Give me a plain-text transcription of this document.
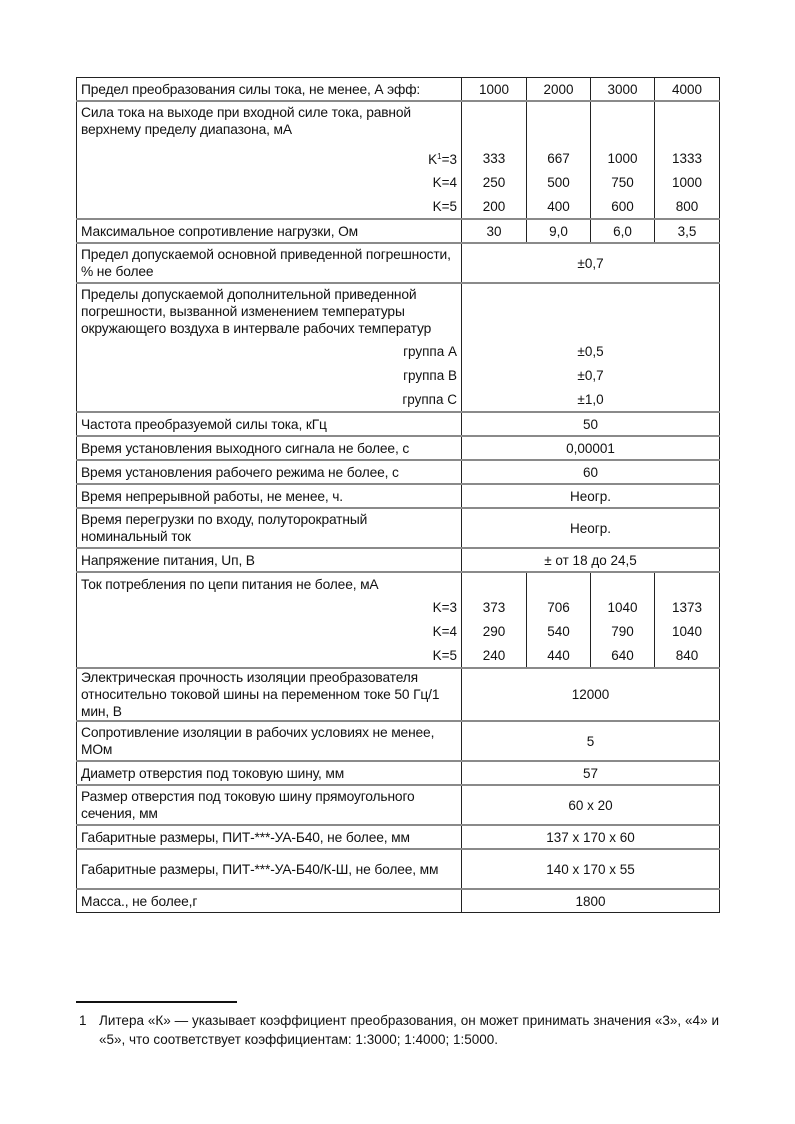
Предел преобразования силы тока, не менее, А эфф:	1000	2000	3000	4000
Сила тока на выходе при входной силе тока, равной верхнему пределу диапазона, мА				
$K^1=3$	333	667	1000	1333
K=4	250	500	750	1000
K=5	200	400	600	800
Максимальное сопротивление нагрузки, Ом	30	9,0	6,0	3,5
Предел допускаемой основной приведенной погрешности, % не более	±0,7			
Пределы допускаемой дополнительной приведенной погрешности, вызванной изменением температуры окружающего воздуха в интервале рабочих температур				
группа А	±0,5			
группа В	±0,7			
группа С	±1,0			
Частота преобразуемой силы тока, кГц	50			
Время установления выходного сигнала не более, с	0,00001			
Время установления рабочего режима не более, с	60			
Время непрерывной работы, не менее, ч.	Неогр.			
Время перегрузки по входу, полуторократный номинальный ток	Неогр.			
Напряжение питания, Uп, В	± от 18 до 24,5			
Ток потребления по цепи питания не более, мА				
K=3	373	706	1040	1373
K=4	290	540	790	1040
K=5	240	440	640	840
Электрическая прочность изоляции преобразователя относительно токовой шины на переменном токе 50 Гц/1 мин, В	12000			
Сопротивление изоляции в рабочих условиях не менее, МОм	5			
Диаметр отверстия под токовую шину, мм	57			
Размер отверстия под токовую шину прямоугольного сечения, мм	60 х 20			
Габаритные размеры, ПИТ-***-УА-Б40, не более, мм	137 х 170 х 60			
Габаритные размеры, ПИТ-***-УА-Б40/К-Ш, не более, мм	140 х 170 х 55			
Масса., не более,г	1800			
1 Литера «К» — указывает коэффициент преобразования, он может принимать значения «3», «4» и «5», что соответствует коэффициентам: 1:3000; 1:4000; 1:5000.
